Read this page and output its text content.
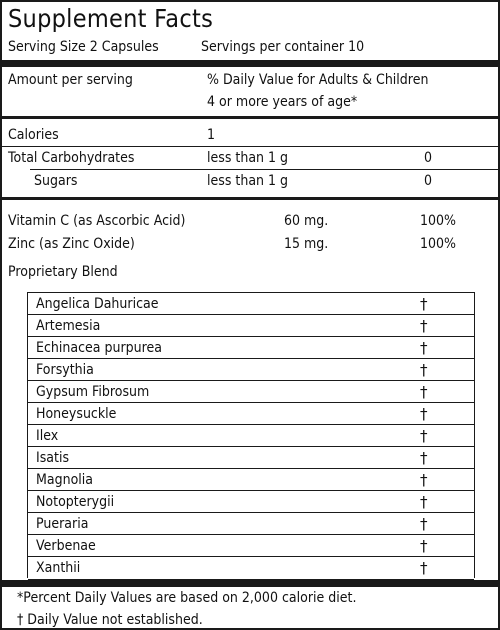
Supplement Facts
Serving Size 2 Capsules	Servings per container 10
Amount per serving	% Daily Value for Adults & Children
4 or more years of age*
Calories	1
Total Carbohydrates	less than 1 g	0
Sugars	less than 1 g	0
Vitamin C (as Ascorbic Acid)	60 mg.	100%
Zinc (as Zinc Oxide)	15 mg.	100%
Proprietary Blend
Angelica Dahuricae	†
Artemesia	†
Echinacea purpurea	†
Forsythia	†
Gypsum Fibrosum	†
Honeysuckle	†
Ilex	†
Isatis	†
Magnolia	†
Notopterygii	†
Pueraria	†
Verbenae	†
Xanthii	†
*Percent Daily Values are based on 2,000 calorie diet.
† Daily Value not established.
